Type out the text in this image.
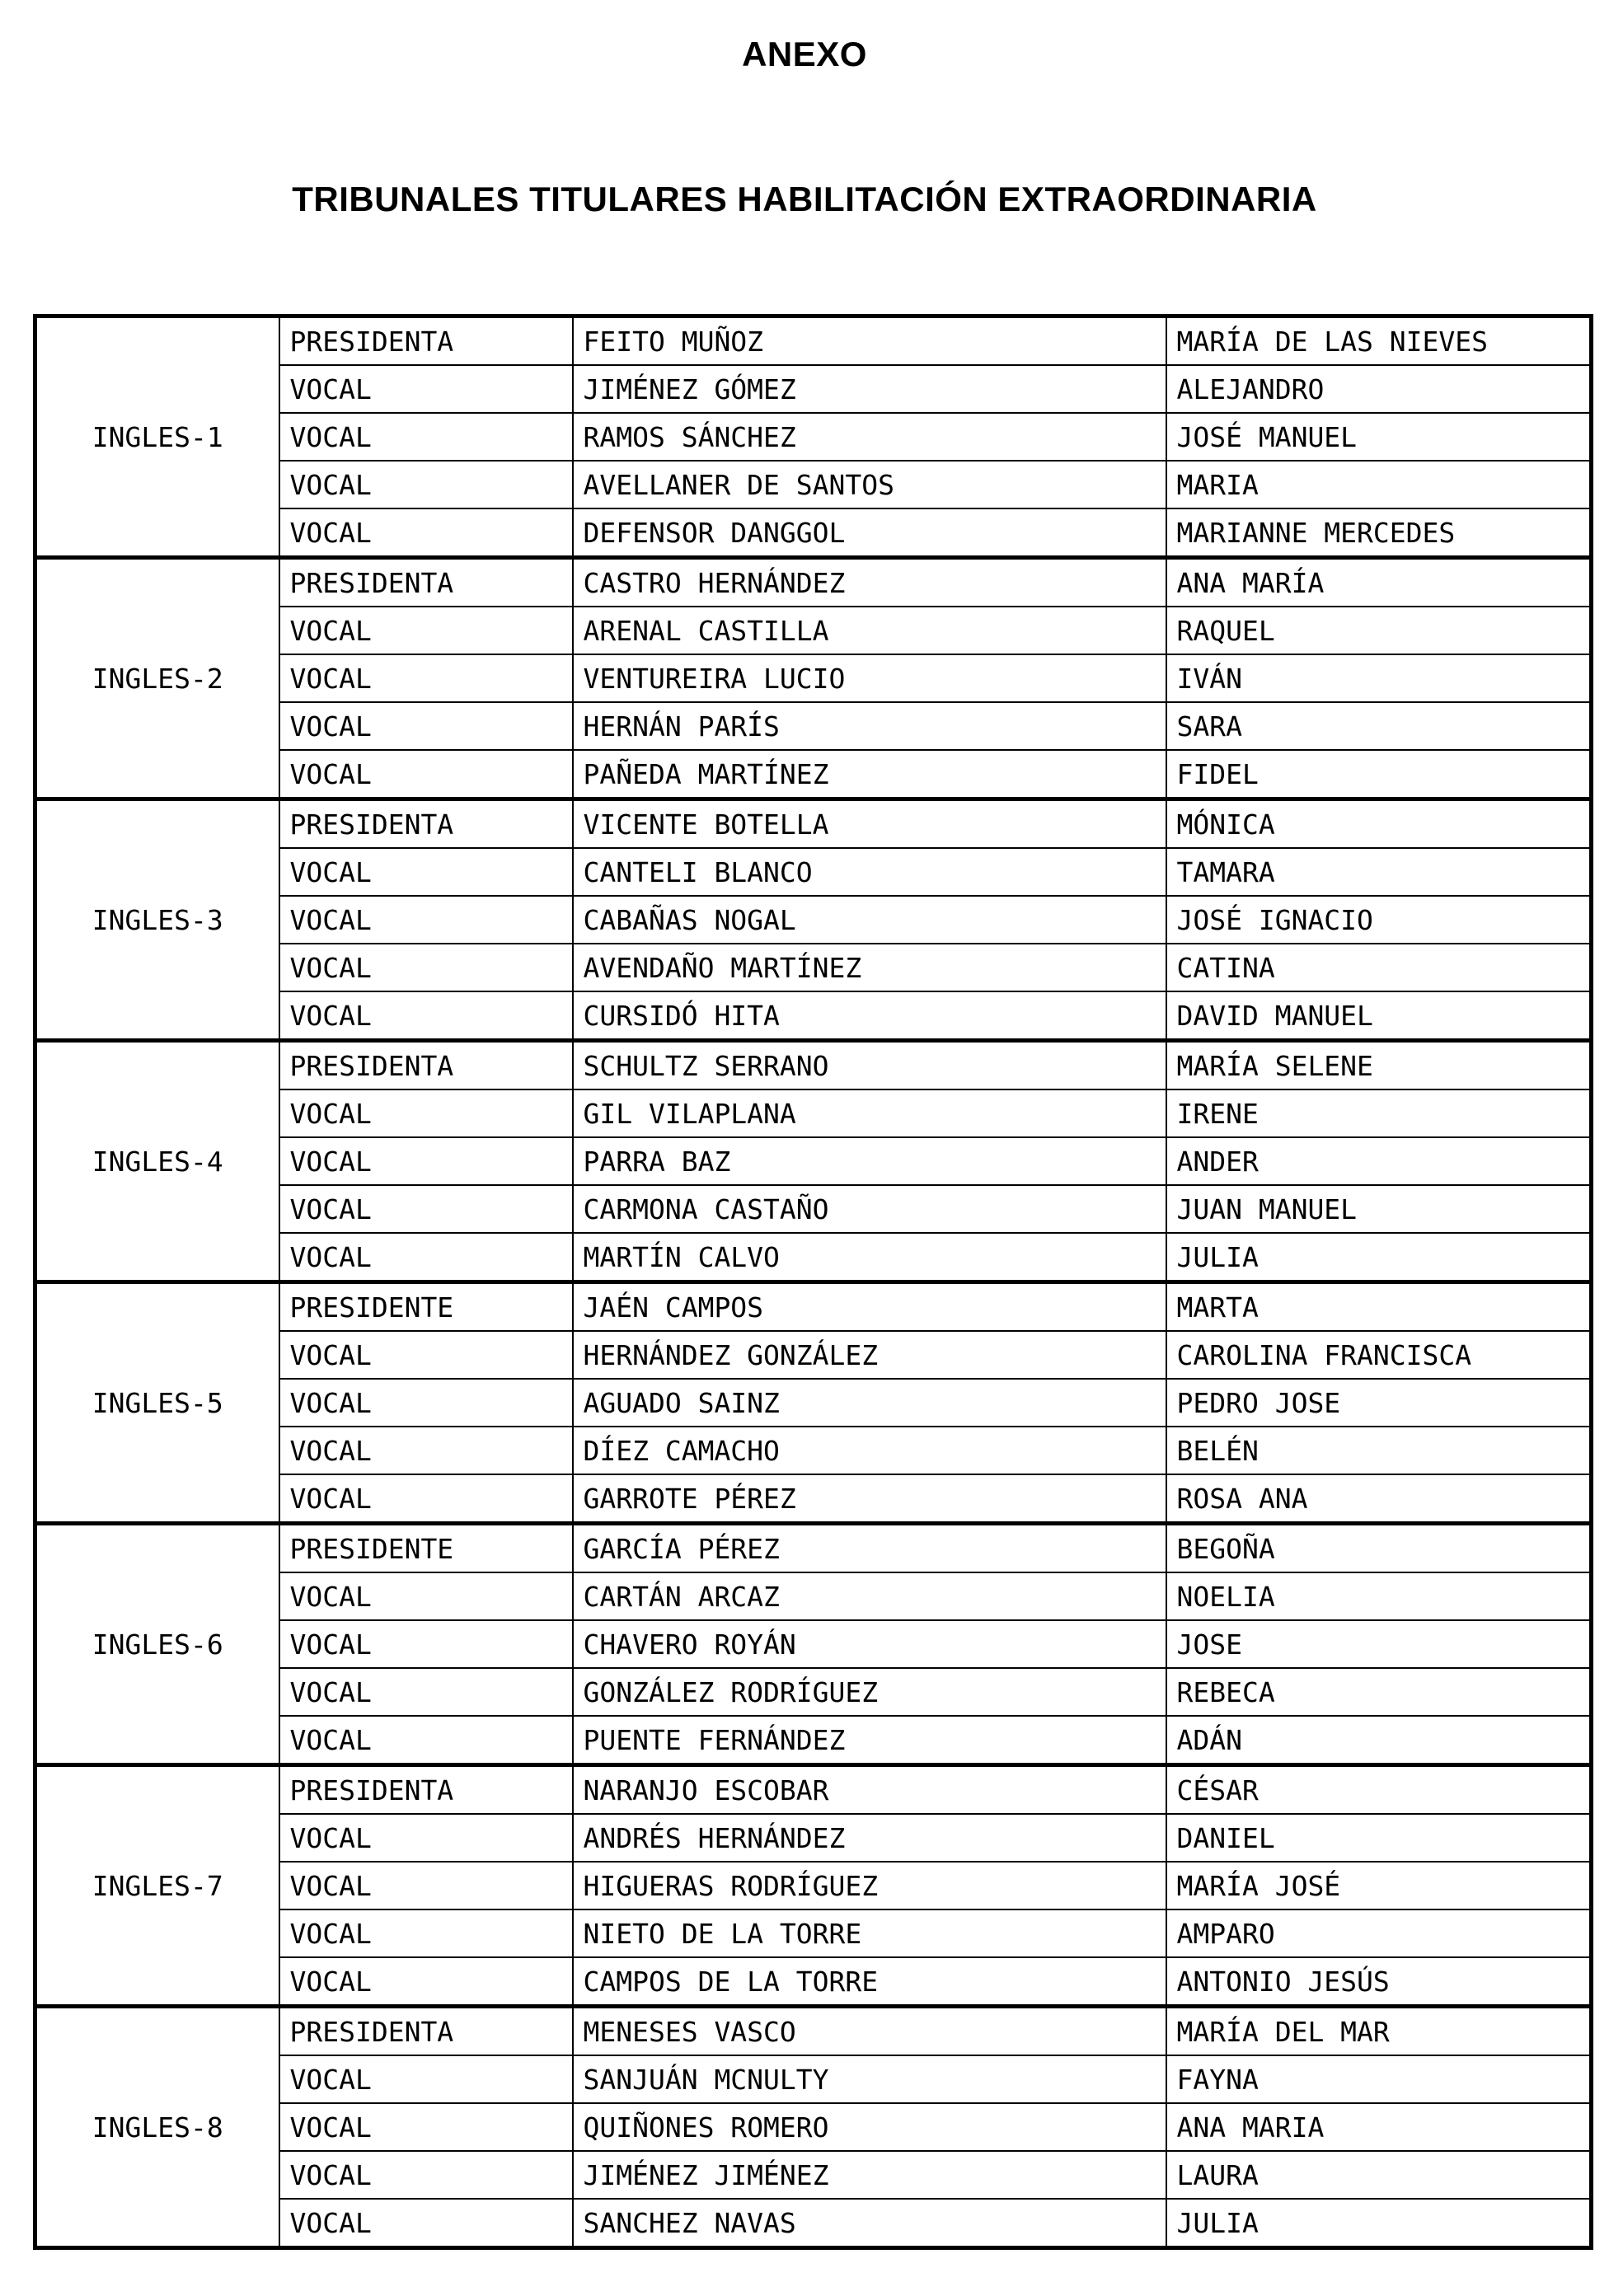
ANEXO
TRIBUNALES TITULARES HABILITACIÓN EXTRAORDINARIA
INGLES-1	PRESIDENTA	FEITO MUÑOZ	MARÍA DE LAS NIEVES
	VOCAL	JIMÉNEZ GÓMEZ	ALEJANDRO
	VOCAL	RAMOS SÁNCHEZ	JOSÉ MANUEL
	VOCAL	AVELLANER DE SANTOS	MARIA
	VOCAL	DEFENSOR DANGGOL	MARIANNE MERCEDES
INGLES-2	PRESIDENTA	CASTRO HERNÁNDEZ	ANA MARÍA
	VOCAL	ARENAL CASTILLA	RAQUEL
	VOCAL	VENTUREIRA LUCIO	IVÁN
	VOCAL	HERNÁN PARÍS	SARA
	VOCAL	PAÑEDA MARTÍNEZ	FIDEL
INGLES-3	PRESIDENTA	VICENTE BOTELLA	MÓNICA
	VOCAL	CANTELI BLANCO	TAMARA
	VOCAL	CABAÑAS NOGAL	JOSÉ IGNACIO
	VOCAL	AVENDAÑO MARTÍNEZ	CATINA
	VOCAL	CURSIDÓ HITA	DAVID MANUEL
INGLES-4	PRESIDENTA	SCHULTZ SERRANO	MARÍA SELENE
	VOCAL	GIL VILAPLANA	IRENE
	VOCAL	PARRA BAZ	ANDER
	VOCAL	CARMONA CASTAÑO	JUAN MANUEL
	VOCAL	MARTÍN CALVO	JULIA
INGLES-5	PRESIDENTE	JAÉN CAMPOS	MARTA
	VOCAL	HERNÁNDEZ GONZÁLEZ	CAROLINA FRANCISCA
	VOCAL	AGUADO SAINZ	PEDRO JOSE
	VOCAL	DÍEZ CAMACHO	BELÉN
	VOCAL	GARROTE PÉREZ	ROSA ANA
INGLES-6	PRESIDENTE	GARCÍA PÉREZ	BEGOÑA
	VOCAL	CARTÁN ARCAZ	NOELIA
	VOCAL	CHAVERO ROYÁN	JOSE
	VOCAL	GONZÁLEZ RODRÍGUEZ	REBECA
	VOCAL	PUENTE FERNÁNDEZ	ADÁN
INGLES-7	PRESIDENTA	NARANJO ESCOBAR	CÉSAR
	VOCAL	ANDRÉS HERNÁNDEZ	DANIEL
	VOCAL	HIGUERAS RODRÍGUEZ	MARÍA JOSÉ
	VOCAL	NIETO DE LA TORRE	AMPARO
	VOCAL	CAMPOS DE LA TORRE	ANTONIO JESÚS
INGLES-8	PRESIDENTA	MENESES VASCO	MARÍA DEL MAR
	VOCAL	SANJUÁN MCNULTY	FAYNA
	VOCAL	QUIÑONES ROMERO	ANA MARIA
	VOCAL	JIMÉNEZ JIMÉNEZ	LAURA
	VOCAL	SANCHEZ NAVAS	JULIA
